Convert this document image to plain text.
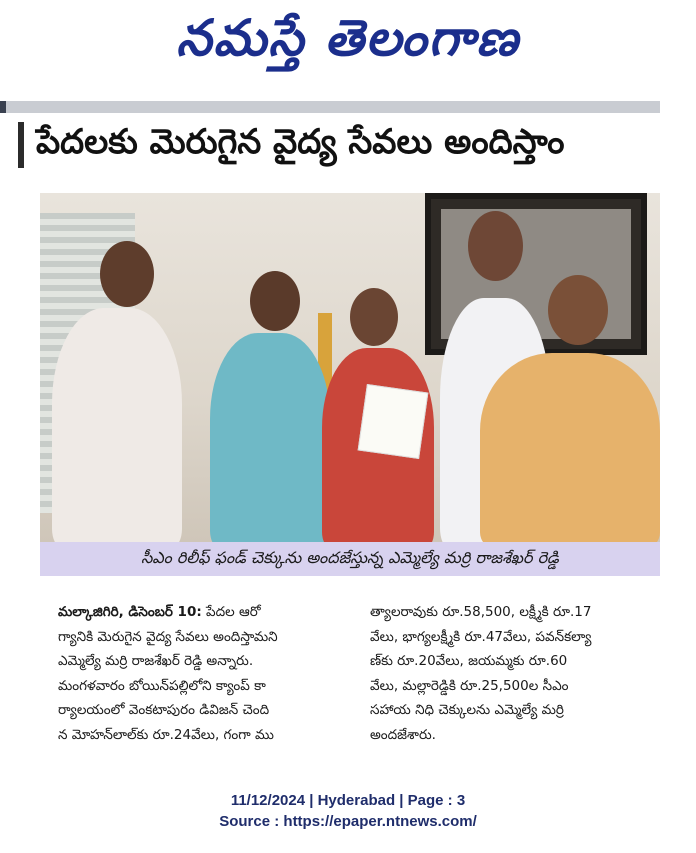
నమస్తే తెలంగాణ
పేదలకు మెరుగైన వైద్య సేవలు అందిస్తాం
సీఎం రిలీఫ్ ఫండ్ చెక్కును అందజేస్తున్న ఎమ్మెల్యే మర్రి రాజశేఖర్ రెడ్డి
మల్కాజిగిరి, డిసెంబర్ 10: పేదల ఆరో
గ్యానికి మెరుగైన వైద్య సేవలు అందిస్తామని
ఎమ్మెల్యే మర్రి రాజశేఖర్ రెడ్డి అన్నారు.
మంగళవారం బోయిన్‌పల్లిలోని క్యాంప్ కా
ర్యాలయంలో వెంకటాపురం డివిజన్ చెంది
న మోహన్‌లాల్‌కు రూ.24వేలు, గంగా ము
త్యాలరావుకు రూ.58,500, లక్ష్మీకి రూ.17
వేలు, భాగ్యలక్ష్మీకి రూ.47వేలు, పవన్‌కల్యా
ణ్‌కు రూ.20వేలు, జయమ్మకు రూ.60
వేలు, మల్లారెడ్డికి రూ.25,500ల సీఎం
సహాయ నిధి చెక్కులను ఎమ్మెల్యే మర్రి
అందజేశారు.
11/12/2024 | Hyderabad | Page : 3
Source : https://epaper.ntnews.com/
